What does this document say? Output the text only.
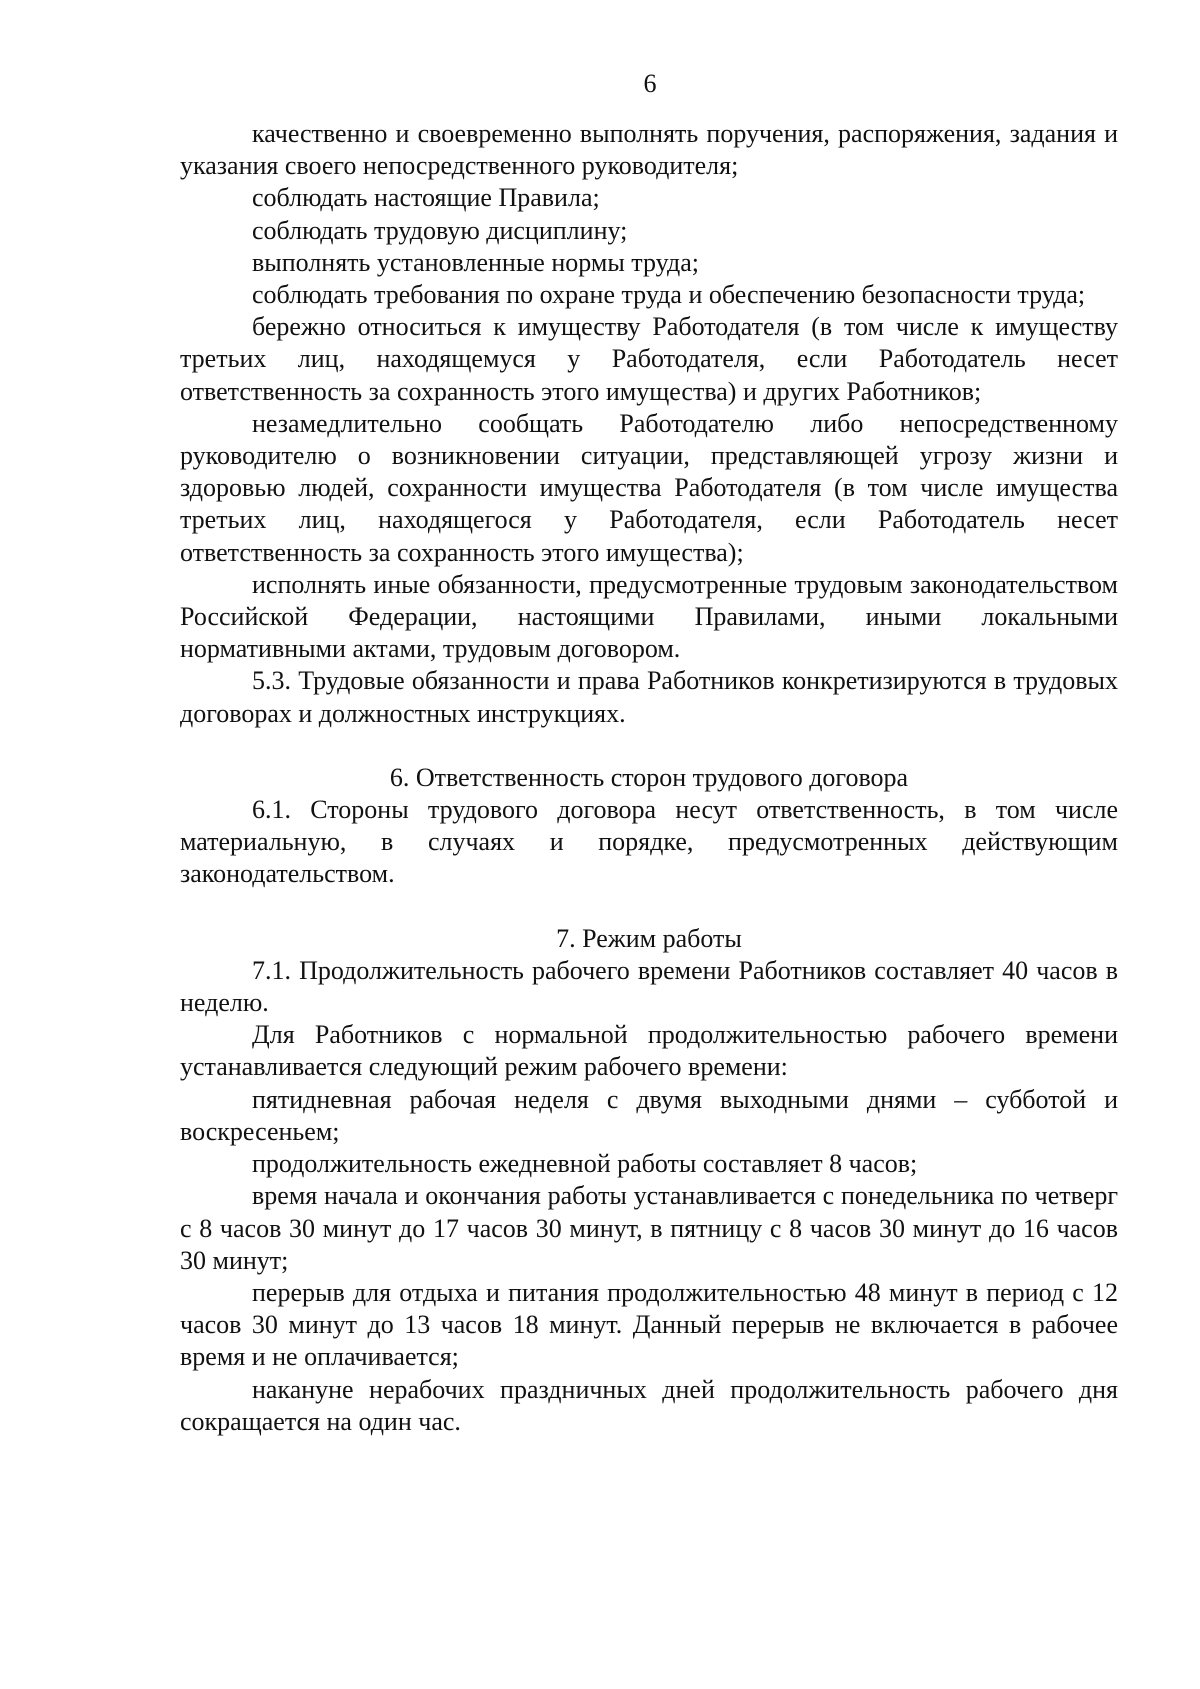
6

качественно и своевременно выполнять поручения, распоряжения, задания и указания своего непосредственного руководителя;

соблюдать настоящие Правила;

соблюдать трудовую дисциплину;

выполнять установленные нормы труда;

соблюдать требования по охране труда и обеспечению безопасности труда;

бережно относиться к имуществу Работодателя (в том числе к имуществу третьих лиц, находящемуся у Работодателя, если Работодатель несет ответственность за сохранность этого имущества) и других Работников;

незамедлительно сообщать Работодателю либо непосредственному руководителю о возникновении ситуации, представляющей угрозу жизни и здоровью людей, сохранности имущества Работодателя (в том числе имущества третьих лиц, находящегося у Работодателя, если Работодатель несет ответственность за сохранность этого имущества);

исполнять иные обязанности, предусмотренные трудовым законодательством Российской Федерации, настоящими Правилами, иными локальными нормативными актами, трудовым договором.

5.3. Трудовые обязанности и права Работников конкретизируются в трудовых договорах и должностных инструкциях.

6. Ответственность сторон трудового договора

6.1. Стороны трудового договора несут ответственность, в том числе материальную, в случаях и порядке, предусмотренных действующим законодательством.

7. Режим работы

7.1. Продолжительность рабочего времени Работников составляет 40 часов в неделю.

Для Работников с нормальной продолжительностью рабочего времени устанавливается следующий режим рабочего времени:

пятидневная рабочая неделя с двумя выходными днями – субботой и воскресеньем;

продолжительность ежедневной работы составляет 8 часов;

время начала и окончания работы устанавливается с понедельника по четверг с 8 часов 30 минут до 17 часов 30 минут, в пятницу с 8 часов 30 минут до 16 часов 30 минут;

перерыв для отдыха и питания продолжительностью 48 минут в период с 12 часов 30 минут до 13 часов 18 минут. Данный перерыв не включается в рабочее время и не оплачивается;

накануне нерабочих праздничных дней продолжительность рабочего дня сокращается на один час.
